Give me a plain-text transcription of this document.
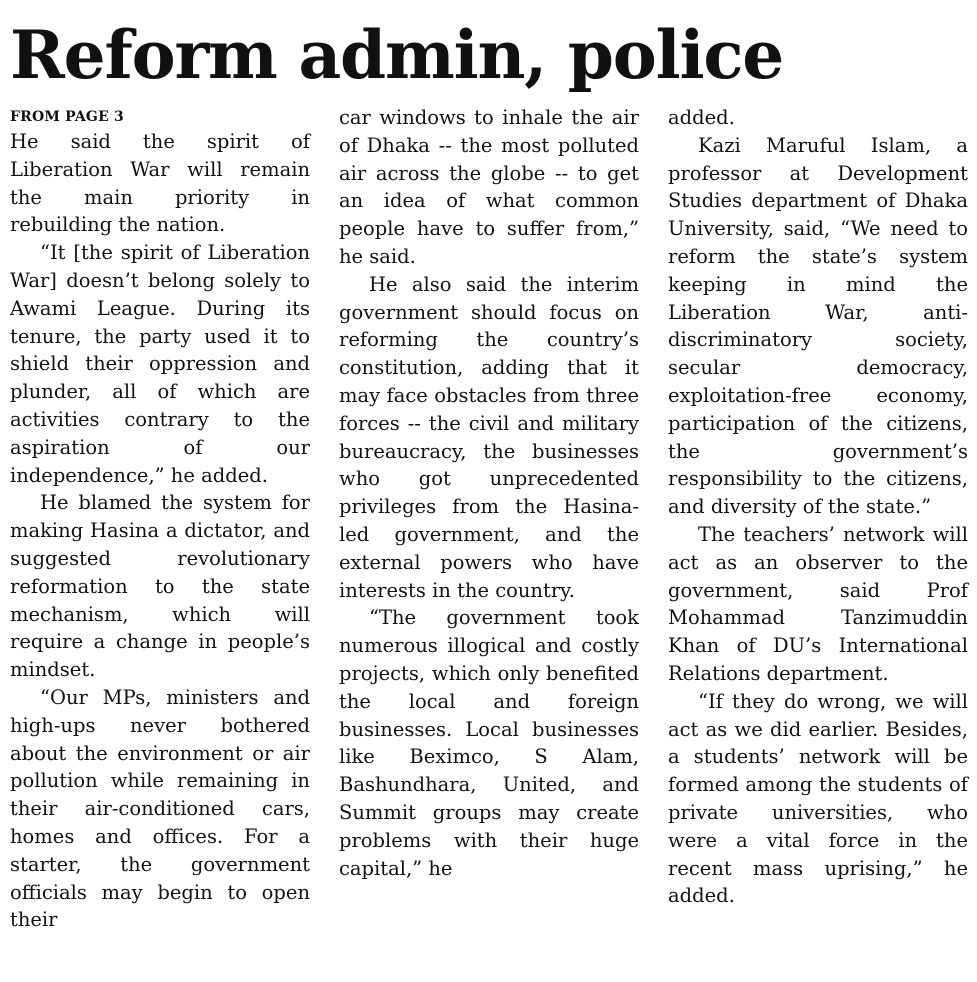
Reform admin, police
FROM PAGE 3

He said the spirit of Liberation War will remain the main priority in rebuilding the nation.

“It [the spirit of Liberation War] doesn’t belong solely to Awami League. During its tenure, the party used it to shield their oppression and plunder, all of which are activities contrary to the aspiration of our independence,” he added.

He blamed the system for making Hasina a dictator, and suggested revolutionary reformation to the state mechanism, which will require a change in people’s mindset.

“Our MPs, ministers and high-ups never bothered about the environment or air pollution while remaining in their air-conditioned cars, homes and offices. For a starter, the government officials may begin to open their

car windows to inhale the air of Dhaka -- the most polluted air across the globe -- to get an idea of what common people have to suffer from,” he said.

He also said the interim government should focus on reforming the country’s constitution, adding that it may face obstacles from three forces -- the civil and military bureaucracy, the businesses who got unprecedented privileges from the Hasina-led government, and the external powers who have interests in the country.

“The government took numerous illogical and costly projects, which only benefited the local and foreign businesses. Local businesses like Beximco, S Alam, Bashundhara, United, and Summit groups may create problems with their huge capital,” he

added.

Kazi Maruful Islam, a professor at Development Studies department of Dhaka University, said, “We need to reform the state’s system keeping in mind the Liberation War, anti-discriminatory society, secular democracy, exploitation-free economy, participation of the citizens, the government’s responsibility to the citizens, and diversity of the state.”

The teachers’ network will act as an observer to the government, said Prof Mohammad Tanzimuddin Khan of DU’s International Relations department.

“If they do wrong, we will act as we did earlier. Besides, a students’ network will be formed among the students of private universities, who were a vital force in the recent mass uprising,” he added.
